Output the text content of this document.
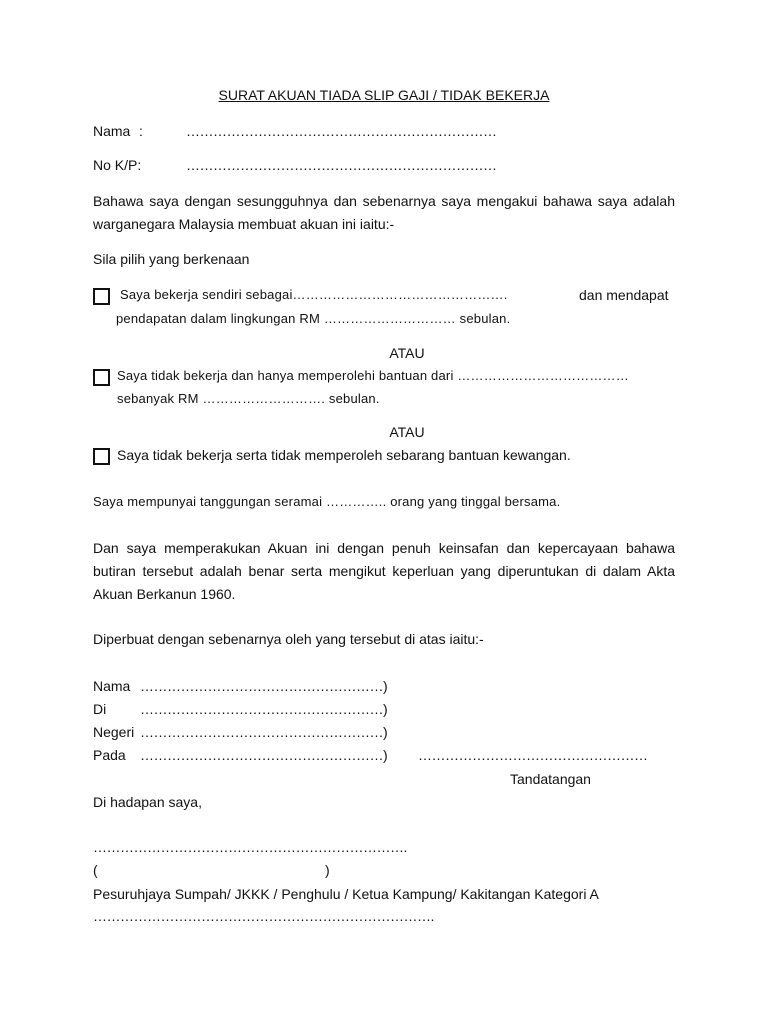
SURAT AKUAN TIADA SLIP GAJI / TIDAK BEKERJA
Nama :	……………………………………………………………
No K/P:	……………………………………………………………
Bahawa saya dengan sesungguhnya dan sebenarnya saya mengakui bahawa saya adalah warganegara Malaysia membuat akuan ini iaitu:-
Sila pilih yang berkenaan
Saya bekerja sendiri sebagai………………………………………….	dan mendapat
pendapatan dalam lingkungan RM ………………………… sebulan.
ATAU
Saya tidak bekerja dan hanya memperolehi bantuan dari …………………………………
sebanyak RM ………………………. sebulan.
ATAU
Saya tidak bekerja serta tidak memperoleh sebarang bantuan kewangan.
Saya mempunyai tanggungan seramai ………….. orang yang tinggal bersama.
Dan saya memperakukan Akuan ini dengan penuh keinsafan dan kepercayaan bahawa butiran tersebut adalah benar serta mengikut keperluan yang diperuntukan di dalam Akta Akuan Berkanun 1960.
Diperbuat dengan sebenarnya oleh yang tersebut di atas iaitu:-
Nama ………………………………………………)
Di ………………………………………………)
Negeri ………………………………………………)
Pada ………………………………………………) ……………………………………………
Tandatangan
Di hadapan saya,
…………………………………………………………….
(	)
Pesuruhjaya Sumpah/ JKKK / Penghulu / Ketua Kampung/ Kakitangan Kategori A
………………………………………………………………….
